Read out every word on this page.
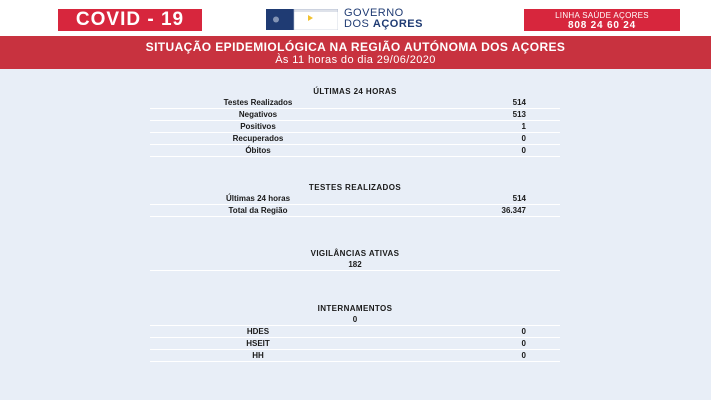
COVID - 19	GOVERNO
DOS AÇORES
LINHA SAÚDE AÇORES
808 24 60 24
SITUAÇÃO EPIDEMIOLÓGICA NA REGIÃO AUTÓNOMA DOS AÇORES
Às 11 horas do dia 29/06/2020
ÚLTIMAS 24 HORAS
Testes Realizados	514
Negativos	513
Positivos	1
Recuperados	0
Óbitos	0
TESTES REALIZADOS
Últimas 24 horas	514
Total da Região	36.347
VIGILÂNCIAS ATIVAS
182
INTERNAMENTOS
0
HDES	0
HSEIT	0
HH	0
